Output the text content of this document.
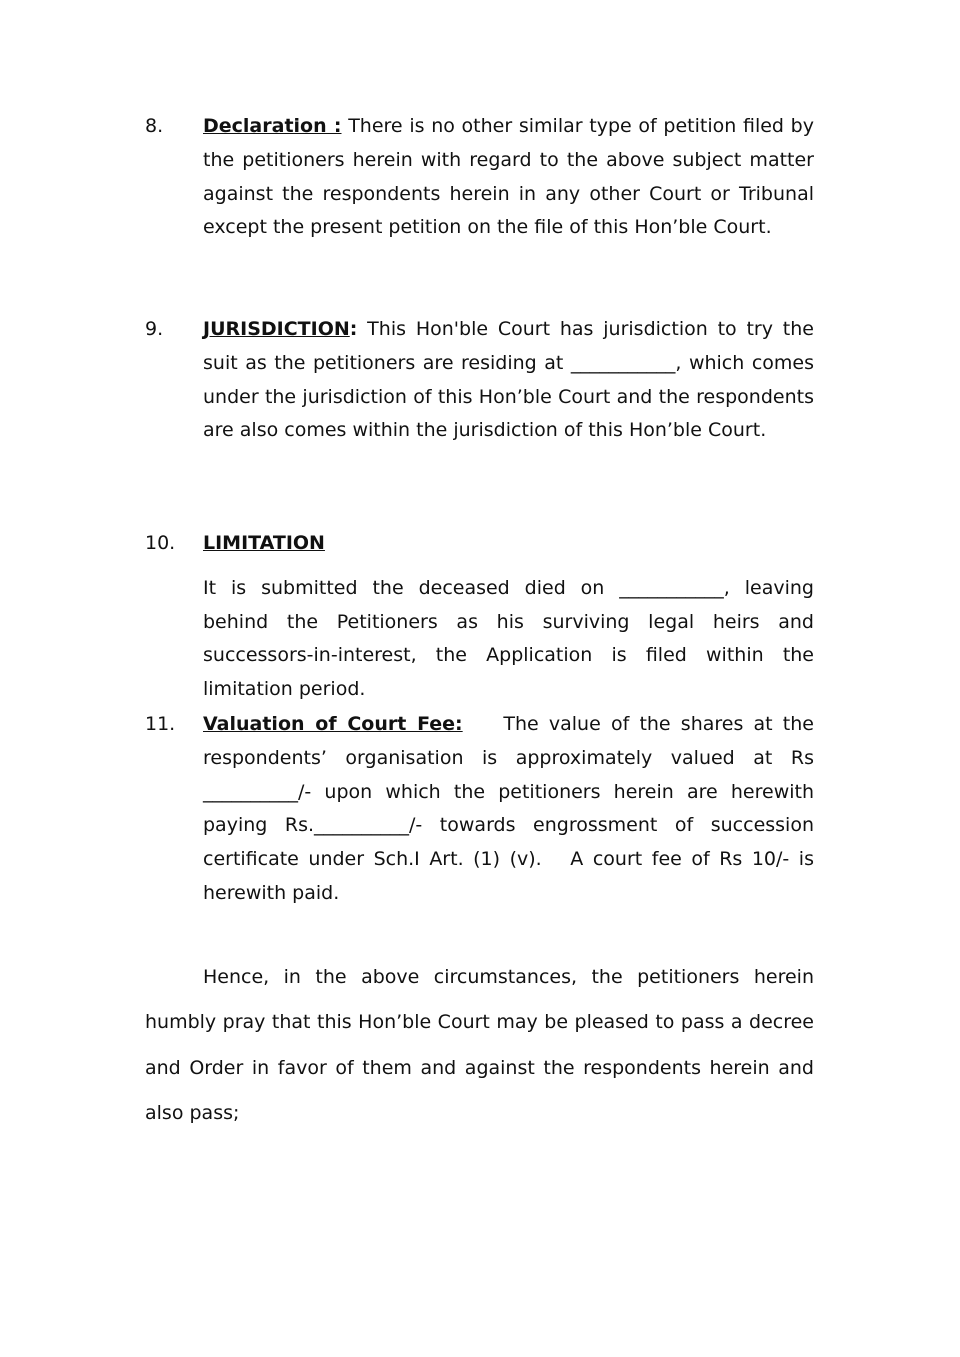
8.	Declaration : There is no other similar type of petition filed by the petitioners herein with regard to the above subject matter against the respondents herein in any other Court or Tribunal except the present petition on the file of this Hon’ble Court.
9.	JURISDICTION: This Hon'ble Court has jurisdiction to try the suit as the petitioners are residing at ___________, which comes under the jurisdiction of this Hon’ble Court and the respondents are also comes within the jurisdiction of this Hon’ble Court.
10.	LIMITATION

It is submitted the deceased died on ___________, leaving behind the Petitioners as his surviving legal heirs and successors-in-interest, the Application is filed within the limitation period.

11.	Valuation of Court Fee:    The value of the shares at the respondents’ organisation is approximately valued at Rs __________/- upon which the petitioners herein are herewith paying Rs.__________/- towards engrossment of succession certificate under Sch.I Art. (1) (v).   A court fee of Rs 10/- is herewith paid.

Hence, in the above circumstances, the petitioners herein humbly pray that this Hon’ble Court may be pleased to pass a decree and Order in favor of them and against the respondents herein and also pass;
